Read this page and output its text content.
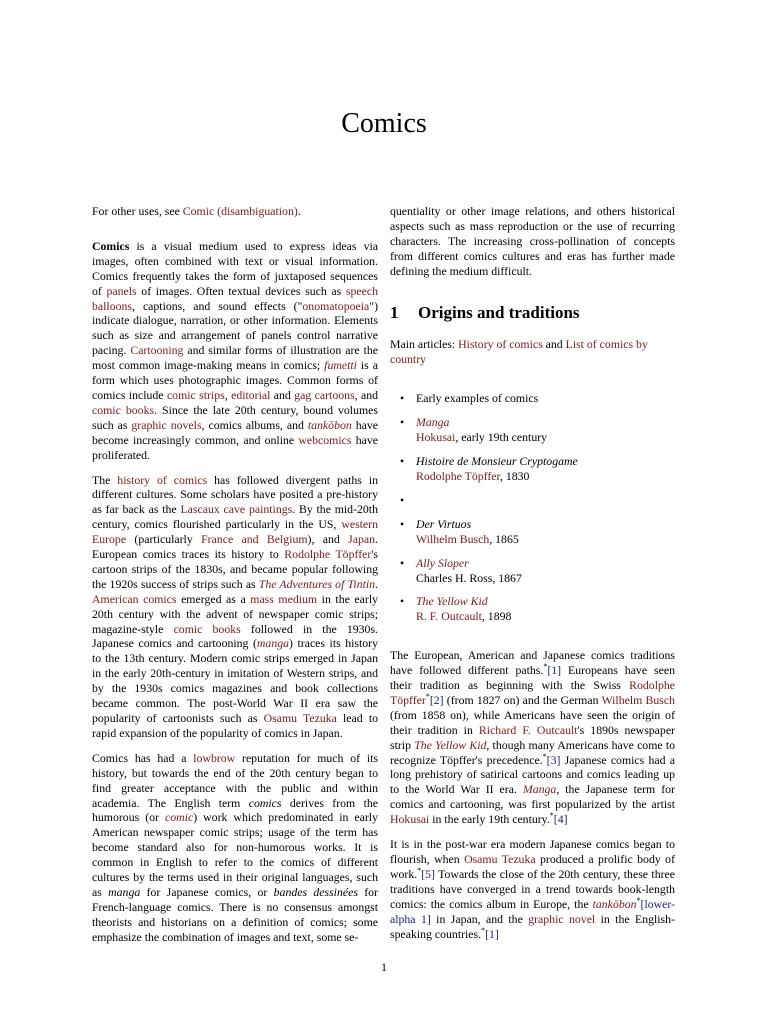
Comics

For other uses, see Comic (disambiguation).

Comics is a visual medium used to express ideas via images, often combined with text or visual information. Comics frequently takes the form of juxtaposed sequences of panels of images. Often textual devices such as speech balloons, captions, and sound effects ("onomatopoeia") indicate dialogue, narration, or other information. Elements such as size and arrangement of panels control narrative pacing. Cartooning and similar forms of illustration are the most common image-making means in comics; fumetti is a form which uses photographic images. Common forms of comics include comic strips, editorial and gag cartoons, and comic books. Since the late 20th century, bound volumes such as graphic novels, comics albums, and tankōbon have become increasingly common, and online webcomics have proliferated.

The history of comics has followed divergent paths in different cultures. Some scholars have posited a pre-history as far back as the Lascaux cave paintings. By the mid-20th century, comics flourished particularly in the US, western Europe (particularly France and Belgium), and Japan. European comics traces its history to Rodolphe Töpffer's cartoon strips of the 1830s, and became popular following the 1920s success of strips such as The Adventures of Tintin. American comics emerged as a mass medium in the early 20th century with the advent of newspaper comic strips; magazine-style comic books followed in the 1930s. Japanese comics and cartooning (manga) traces its history to the 13th century. Modern comic strips emerged in Japan in the early 20th-century in imitation of Western strips, and by the 1930s comics magazines and book collections became common. The post-World War II era saw the popularity of cartoonists such as Osamu Tezuka lead to rapid expansion of the popularity of comics in Japan.

Comics has had a lowbrow reputation for much of its history, but towards the end of the 20th century began to find greater acceptance with the public and within academia. The English term comics derives from the humorous (or comic) work which predominated in early American newspaper comic strips; usage of the term has become standard also for non-humorous works. It is common in English to refer to the comics of different cultures by the terms used in their original languages, such as manga for Japanese comics, or bandes dessinées for French-language comics. There is no consensus amongst theorists and historians on a definition of comics; some emphasize the combination of images and text, some se-

quentiality or other image relations, and others historical aspects such as mass reproduction or the use of recurring characters. The increasing cross-pollination of concepts from different comics cultures and eras has further made defining the medium difficult.

1 Origins and traditions

Main articles: History of comics and List of comics by country

• Early examples of comics
• Manga
Hokusai, early 19th century
• Histoire de Monsieur Cryptogame
Rodolphe Töpffer, 1830
•
• Der Virtuos
Wilhelm Busch, 1865
• Ally Sloper
Charles H. Ross, 1867
• The Yellow Kid
R. F. Outcault, 1898

The European, American and Japanese comics traditions have followed different paths.*[1] Europeans have seen their tradition as beginning with the Swiss Rodolphe Töpffer*[2] (from 1827 on) and the German Wilhelm Busch (from 1858 on), while Americans have seen the origin of their tradition in Richard F. Outcault's 1890s newspaper strip The Yellow Kid, though many Americans have come to recognize Töpffer's precedence.*[3] Japanese comics had a long prehistory of satirical cartoons and comics leading up to the World War II era. Manga, the Japanese term for comics and cartooning, was first popularized by the artist Hokusai in the early 19th century.*[4]

It is in the post-war era modern Japanese comics began to flourish, when Osamu Tezuka produced a prolific body of work.*[5] Towards the close of the 20th century, these three traditions have converged in a trend towards book-length comics: the comics album in Europe, the tankōbon*[lower-alpha 1] in Japan, and the graphic novel in the English-speaking countries.*[1]

1
